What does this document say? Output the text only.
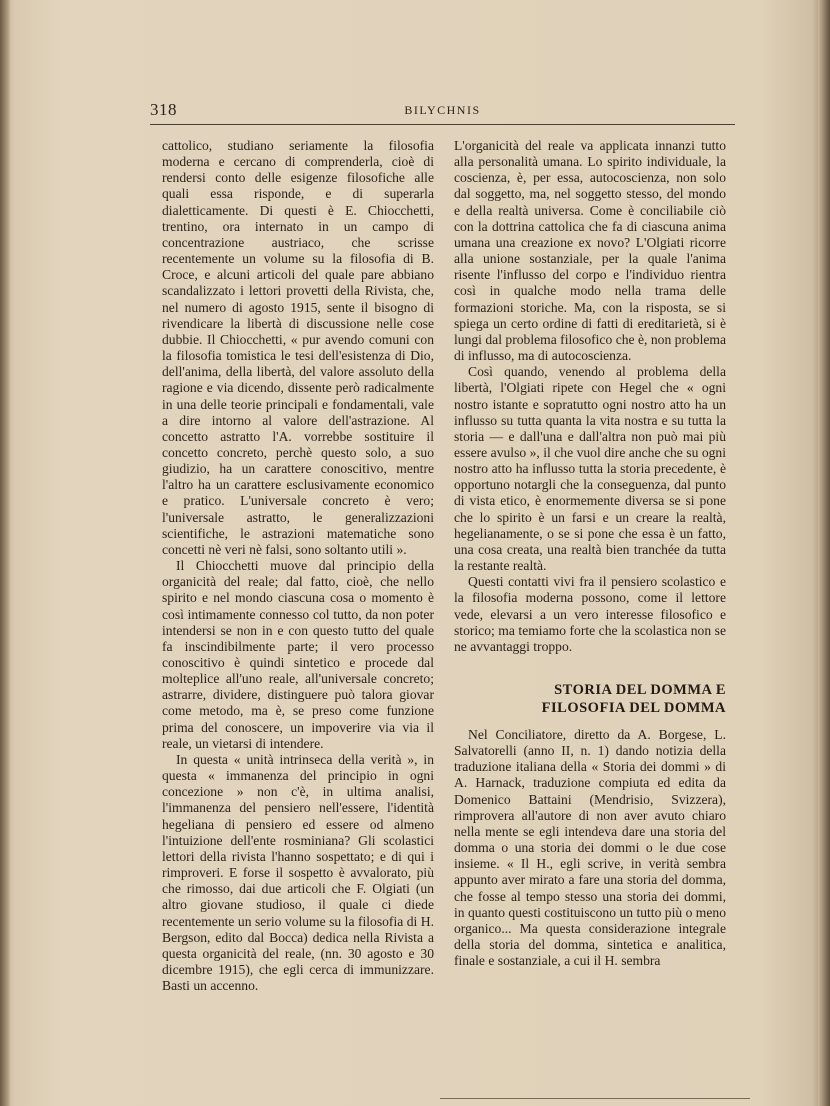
318	BILYCHNIS

cattolico, studiano seriamente la filosofia moderna e cercano di comprenderla, cioè di rendersi conto delle esigenze filosofiche alle quali essa risponde, e di superarla dialetticamente. Di questi è E. Chiocchetti, trentino, ora internato in un campo di concentrazione austriaco, che scrisse recentemente un volume su la filosofia di B. Croce, e alcuni articoli del quale pare abbiano scandalizzato i lettori provetti della Rivista, che, nel numero di agosto 1915, sente il bisogno di rivendicare la libertà di discussione nelle cose dubbie. Il Chiocchetti, « pur avendo comuni con la filosofia tomistica le tesi dell'esistenza di Dio, dell'anima, della libertà, del valore assoluto della ragione e via dicendo, dissente però radicalmente in una delle teorie principali e fondamentali, vale a dire intorno al valore dell'astrazione. Al concetto astratto l'A. vorrebbe sostituire il concetto concreto, perchè questo solo, a suo giudizio, ha un carattere conoscitivo, mentre l'altro ha un carattere esclusivamente economico e pratico. L'universale concreto è vero; l'universale astratto, le generalizzazioni scientifiche, le astrazioni matematiche sono concetti nè veri nè falsi, sono soltanto utili ».

Il Chiocchetti muove dal principio della organicità del reale; dal fatto, cioè, che nello spirito e nel mondo ciascuna cosa o momento è così intimamente connesso col tutto, da non poter intendersi se non in e con questo tutto del quale fa inscindibilmente parte; il vero processo conoscitivo è quindi sintetico e procede dal molteplice all'uno reale, all'universale concreto; astrarre, dividere, distinguere può talora giovar come metodo, ma è, se preso come funzione prima del conoscere, un impoverire via via il reale, un vietarsi di intendere.

In questa « unità intrinseca della verità », in questa « immanenza del principio in ogni concezione » non c'è, in ultima analisi, l'immanenza del pensiero nell'essere, l'identità hegeliana di pensiero ed essere od almeno l'intuizione dell'ente rosminiana? Gli scolastici lettori della rivista l'hanno sospettato; e di qui i rimproveri. E forse il sospetto è avvalorato, più che rimosso, dai due articoli che F. Olgiati (un altro giovane studioso, il quale ci diede recentemente un serio volume su la filosofia di H. Bergson, edito dal Bocca) dedica nella Rivista a questa organicità del reale, (nn. 30 agosto e 30 dicembre 1915), che egli cerca di immunizzare. Basti un accenno.

L'organicità del reale va applicata innanzi tutto alla personalità umana. Lo spirito individuale, la coscienza, è, per essa, autocoscienza, non solo dal soggetto, ma, nel soggetto stesso, del mondo e della realtà universa. Come è conciliabile ciò con la dottrina cattolica che fa di ciascuna anima umana una creazione ex novo? L'Olgiati ricorre alla unione sostanziale, per la quale l'anima risente l'influsso del corpo e l'individuo rientra così in qualche modo nella trama delle formazioni storiche. Ma, con la risposta, se si spiega un certo ordine di fatti di ereditarietà, si è lungi dal problema filosofico che è, non problema di influsso, ma di autocoscienza.

Così quando, venendo al problema della libertà, l'Olgiati ripete con Hegel che « ogni nostro istante e sopratutto ogni nostro atto ha un influsso su tutta quanta la vita nostra e su tutta la storia — e dall'una e dall'altra non può mai più essere avulso », il che vuol dire anche che su ogni nostro atto ha influsso tutta la storia precedente, è opportuno notargli che la conseguenza, dal punto di vista etico, è enormemente diversa se si pone che lo spirito è un farsi e un creare la realtà, hegelianamente, o se si pone che essa è un fatto, una cosa creata, una realtà bien tranchée da tutta la restante realtà.

Questi contatti vivi fra il pensiero scolastico e la filosofia moderna possono, come il lettore vede, elevarsi a un vero interesse filosofico e storico; ma temiamo forte che la scolastica non se ne avvantaggi troppo.

STORIA DEL DOMMA E
FILOSOFIA DEL DOMMA

Nel Conciliatore, diretto da A. Borgese, L. Salvatorelli (anno II, n. 1) dando notizia della traduzione italiana della « Storia dei dommi » di A. Harnack, traduzione compiuta ed edita da Domenico Battaini (Mendrisio, Svizzera), rimprovera all'autore di non aver avuto chiaro nella mente se egli intendeva dare una storia del domma o una storia dei dommi o le due cose insieme. « Il H., egli scrive, in verità sembra appunto aver mirato a fare una storia del domma, che fosse al tempo stesso una storia dei dommi, in quanto questi costituiscono un tutto più o meno organico... Ma questa considerazione integrale della storia del domma, sintetica e analitica, finale e sostanziale, a cui il H. sembra
